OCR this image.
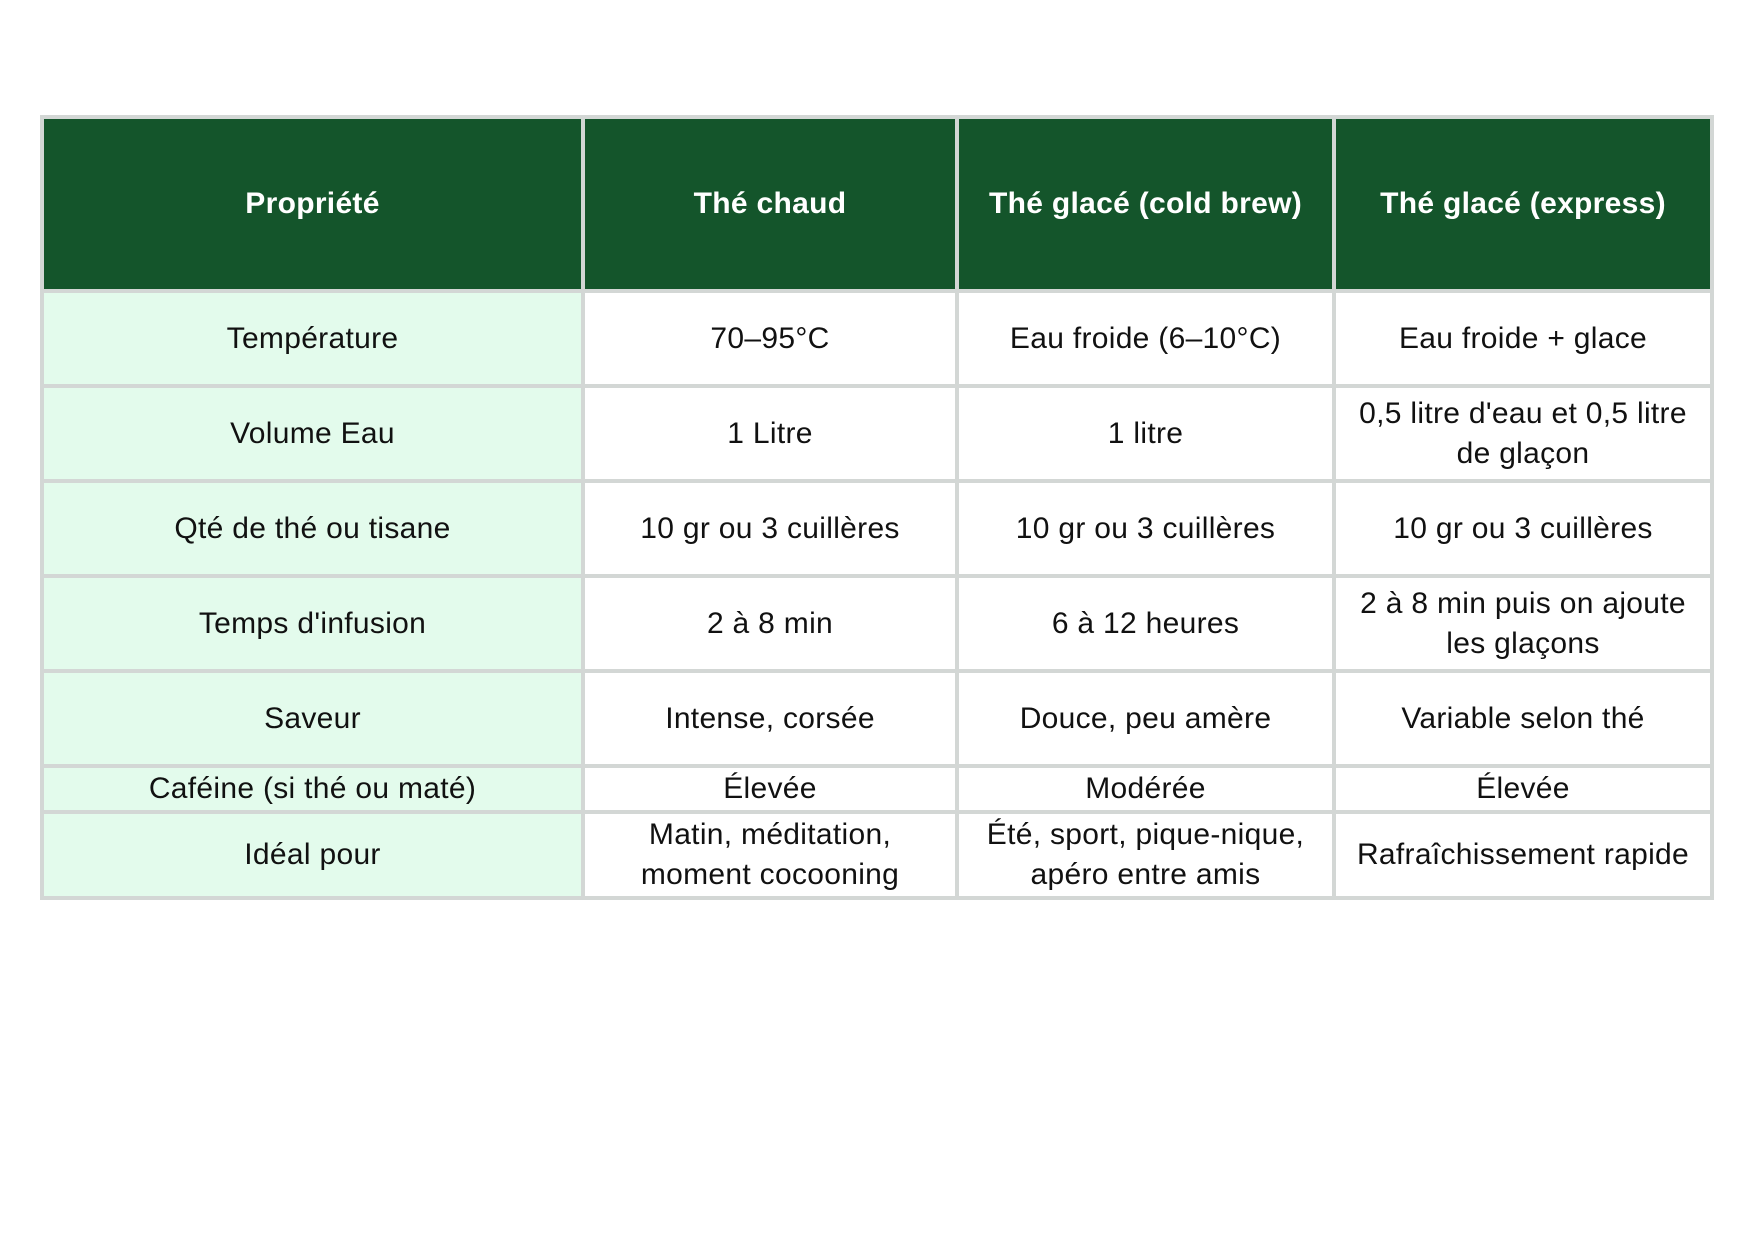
Propriété	Thé chaud	Thé glacé (cold brew)	Thé glacé (express)
Température	70–95°C	Eau froide (6–10°C)	Eau froide + glace
Volume Eau	1 Litre	1 litre	0,5 litre d'eau et 0,5 litre de glaçon
Qté de thé ou tisane	10 gr ou 3 cuillères	10 gr ou 3 cuillères	10 gr ou 3 cuillères
Temps d'infusion	2 à 8 min	6 à 12 heures	2 à 8 min puis on ajoute les glaçons
Saveur	Intense, corsée	Douce, peu amère	Variable selon thé
Caféine (si thé ou maté)	Élevée	Modérée	Élevée
Idéal pour	Matin, méditation, moment cocooning	Été, sport, pique-nique, apéro entre amis	Rafraîchissement rapide
